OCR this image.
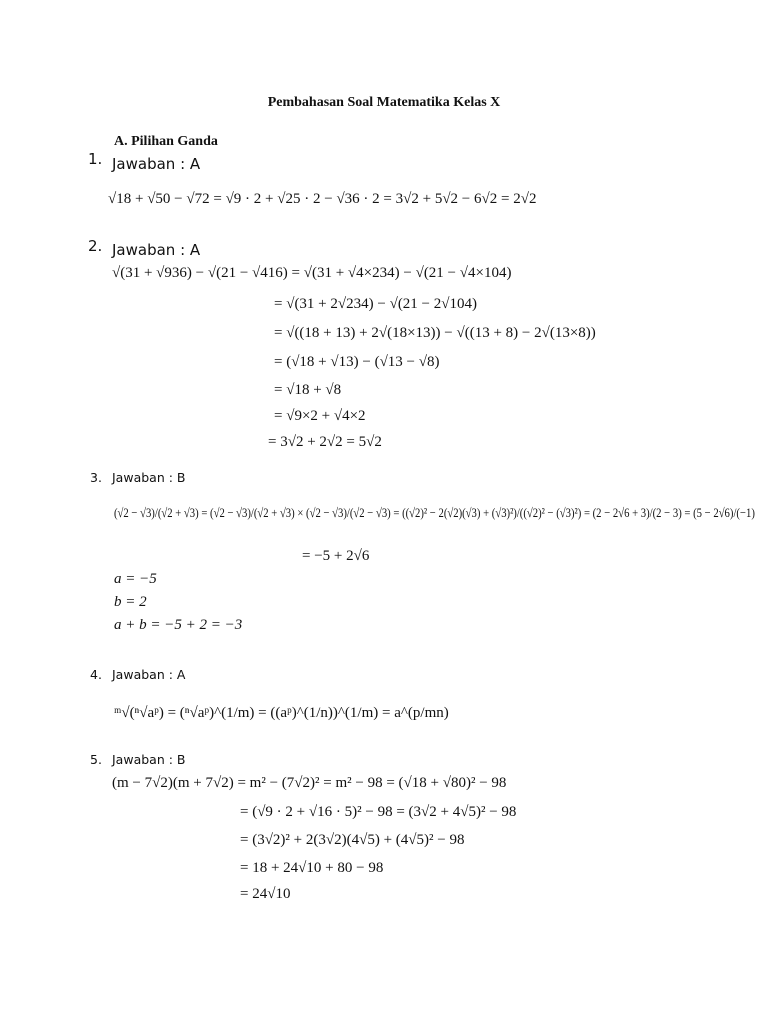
Pembahasan Soal Matematika Kelas X
A. Pilihan Ganda
1. Jawaban : A
√18 + √50 − √72 = √9 · 2 + √25 · 2 − √36 · 2 = 3√2 + 5√2 − 6√2 = 2√2
2. Jawaban : A
√(31 + √936) − √(21 − √416) = √(31 + √4×234) − √(21 − √4×104)
= √(31 + 2√234) − √(21 − 2√104)
= √((18 + 13) + 2√(18×13)) − √((13 + 8) − 2√(13×8))
= (√18 + √13) − (√13 − √8)
= √18 + √8
= √9×2 + √4×2
= 3√2 + 2√2 = 5√2
3. Jawaban : B
(√2 − √3)/(√2 + √3) = (√2 − √3)/(√2 + √3) × (√2 − √3)/(√2 − √3) = ((√2)² − 2(√2)(√3) + (√3)²)/((√2)² − (√3)²) = (2 − 2√6 + 3)/(2 − 3) = (5 − 2√6)/(−1)
= −5 + 2√6
a = −5
b = 2
a + b = −5 + 2 = −3
4. Jawaban : A
ᵐ√(ⁿ√aᵖ) = (ⁿ√aᵖ)^(1/m) = ((aᵖ)^(1/n))^(1/m) = a^(p/mn)
5. Jawaban : B
(m − 7√2)(m + 7√2) = m² − (7√2)² = m² − 98 = (√18 + √80)² − 98
= (√9 · 2 + √16 · 5)² − 98 = (3√2 + 4√5)² − 98
= (3√2)² + 2(3√2)(4√5) + (4√5)² − 98
= 18 + 24√10 + 80 − 98
= 24√10
